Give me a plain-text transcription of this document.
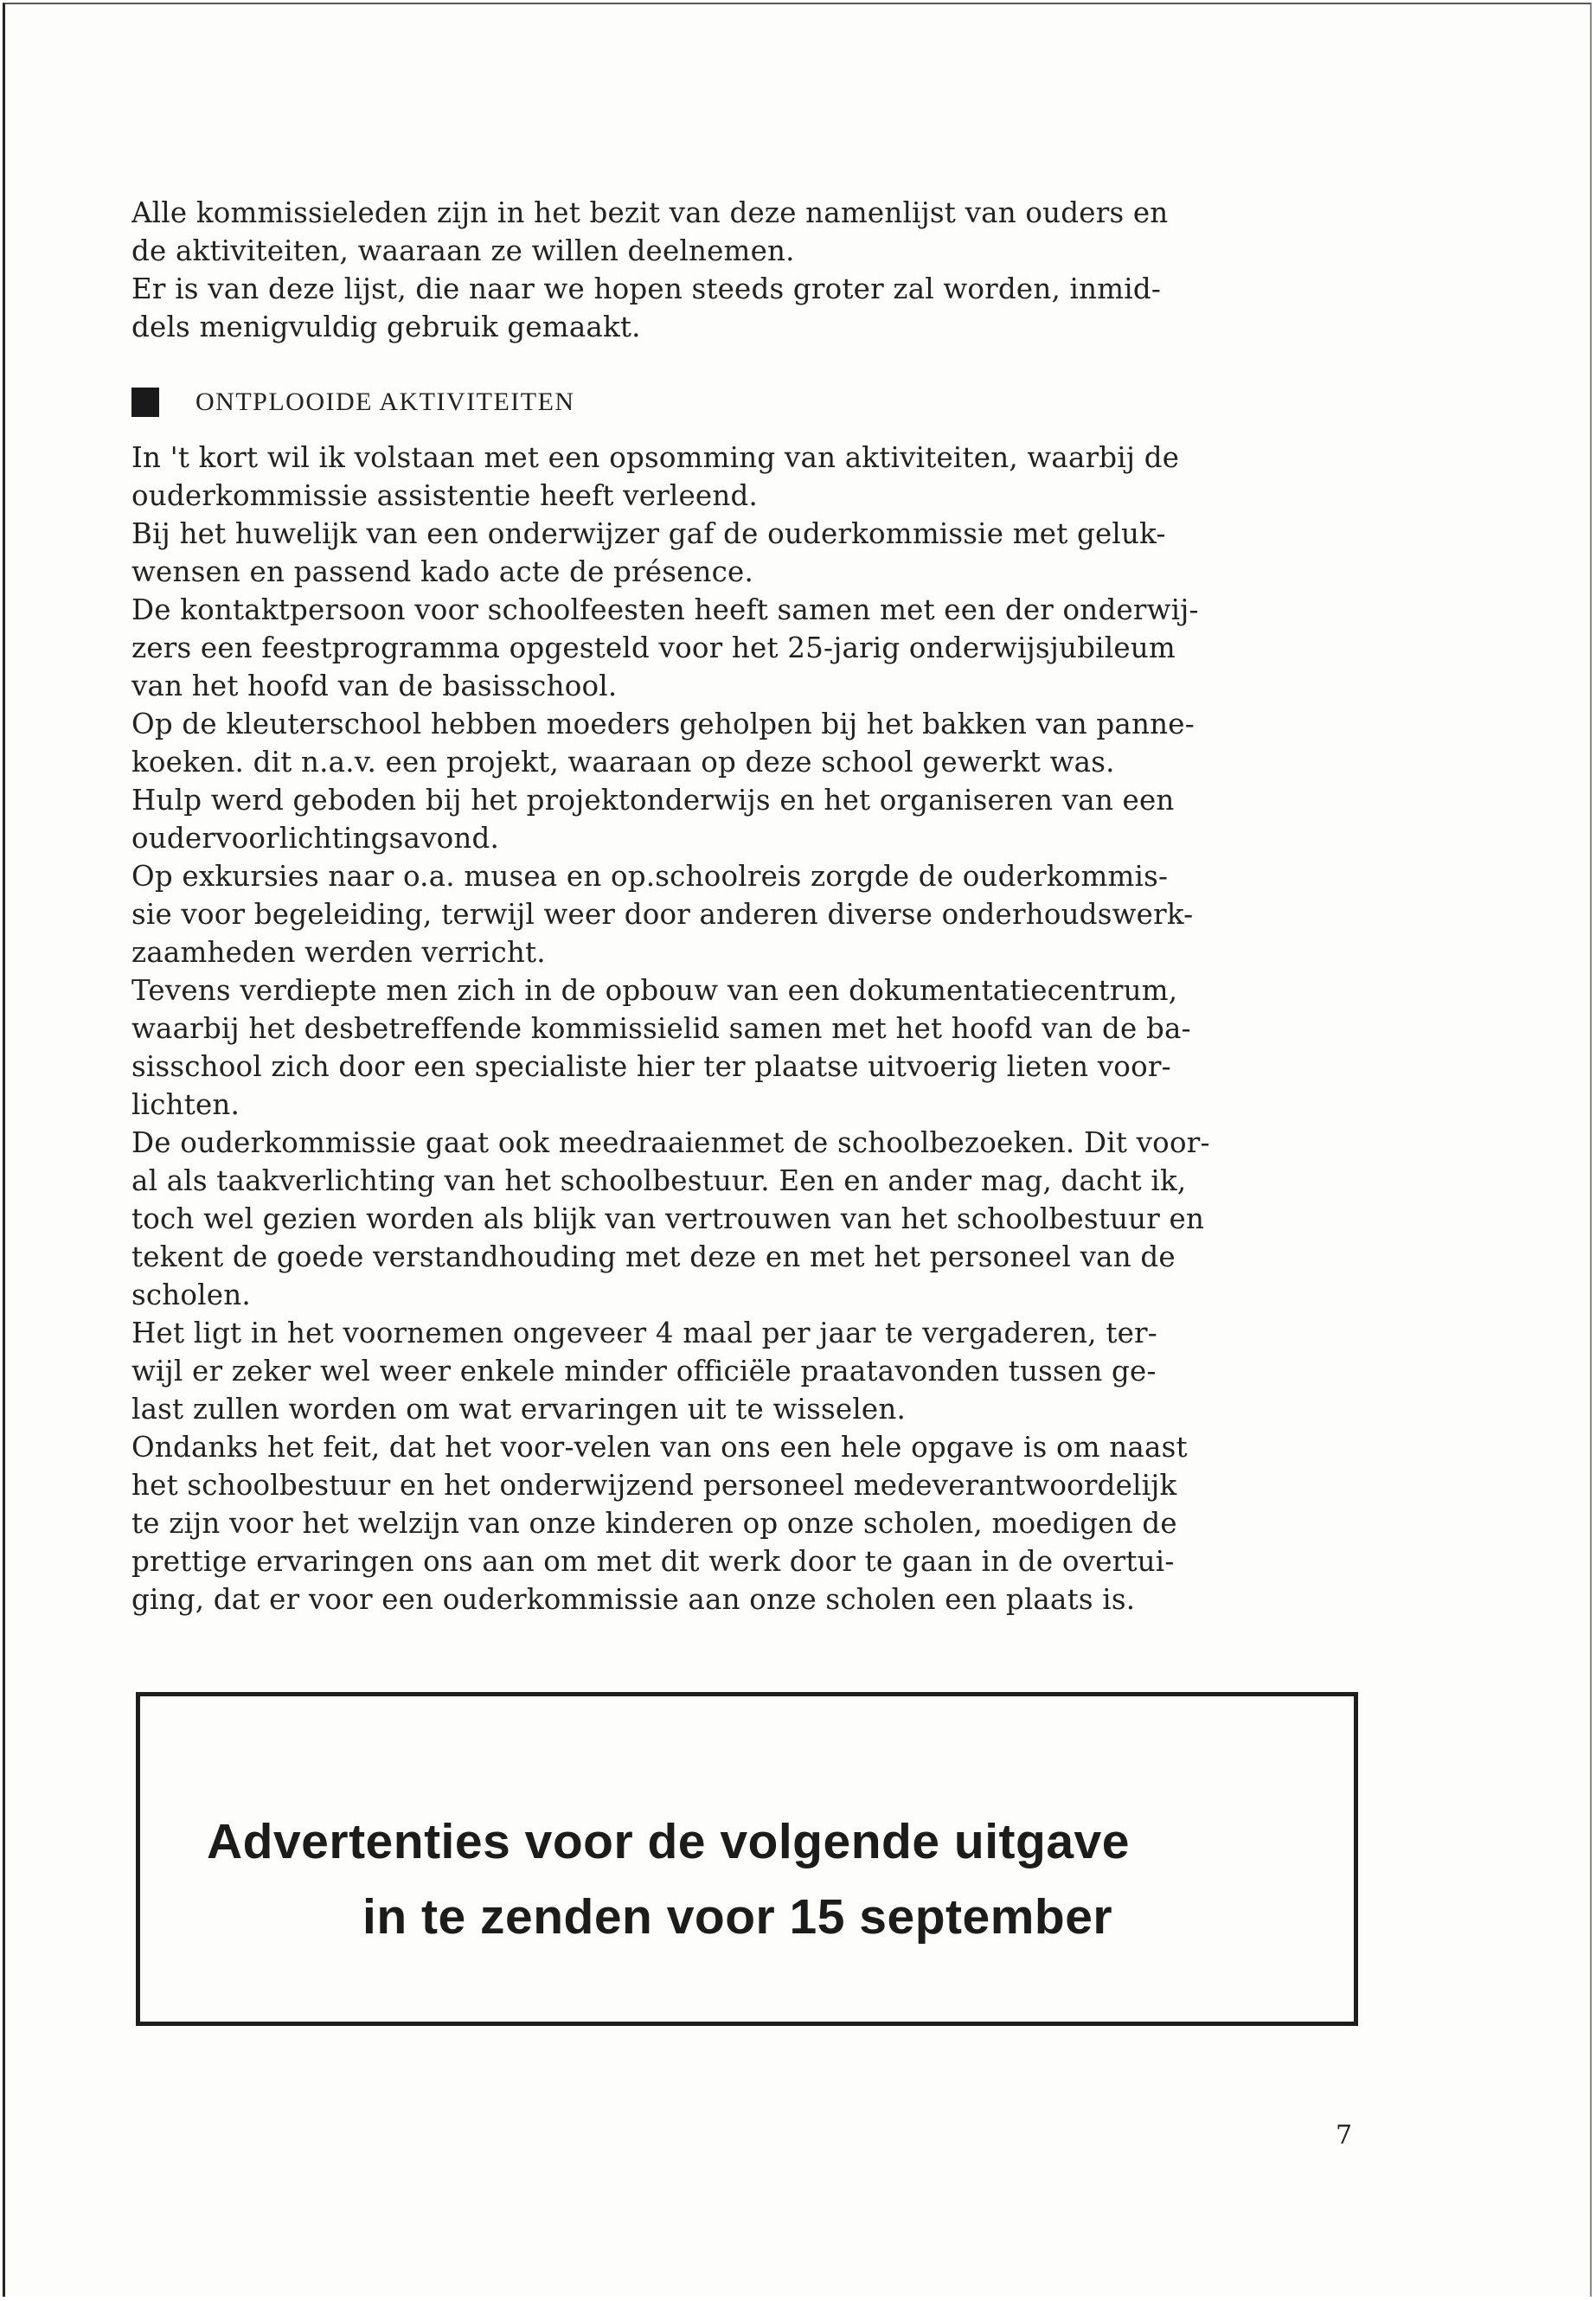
Alle kommissieleden zijn in het bezit van deze namenlijst van ouders en
de aktiviteiten, waaraan ze willen deelnemen.
Er is van deze lijst, die naar we hopen steeds groter zal worden, inmid-
dels menigvuldig gebruik gemaakt.
ONTPLOOIDE AKTIVITEITEN
In 't kort wil ik volstaan met een opsomming van aktiviteiten, waarbij de
ouderkommissie assistentie heeft verleend.
Bij het huwelijk van een onderwijzer gaf de ouderkommissie met geluk-
wensen en passend kado acte de présence.
De kontaktpersoon voor schoolfeesten heeft samen met een der onderwij-
zers een feestprogramma opgesteld voor het 25-jarig onderwijsjubileum
van het hoofd van de basisschool.
Op de kleuterschool hebben moeders geholpen bij het bakken van panne-
koeken. dit n.a.v. een projekt, waaraan op deze school gewerkt was.
Hulp werd geboden bij het projektonderwijs en het organiseren van een
oudervoorlichtingsavond.
Op exkursies naar o.a. musea en op.schoolreis zorgde de ouderkommis-
sie voor begeleiding, terwijl weer door anderen diverse onderhoudswerk-
zaamheden werden verricht.
Tevens verdiepte men zich in de opbouw van een dokumentatiecentrum,
waarbij het desbetreffende kommissielid samen met het hoofd van de ba-
sisschool zich door een specialiste hier ter plaatse uitvoerig lieten voor-
lichten.
De ouderkommissie gaat ook meedraaienmet de schoolbezoeken. Dit voor-
al als taakverlichting van het schoolbestuur. Een en ander mag, dacht ik,
toch wel gezien worden als blijk van vertrouwen van het schoolbestuur en
tekent de goede verstandhouding met deze en met het personeel van de
scholen.
Het ligt in het voornemen ongeveer 4 maal per jaar te vergaderen, ter-
wijl er zeker wel weer enkele minder officiële praatavonden tussen ge-
last zullen worden om wat ervaringen uit te wisselen.
Ondanks het feit, dat het voor-velen van ons een hele opgave is om naast
het schoolbestuur en het onderwijzend personeel medeverantwoordelijk
te zijn voor het welzijn van onze kinderen op onze scholen, moedigen de
prettige ervaringen ons aan om met dit werk door te gaan in de overtui-
ging, dat er voor een ouderkommissie aan onze scholen een plaats is.
Advertenties voor de volgende uitgave
in te zenden voor 15 september
7
